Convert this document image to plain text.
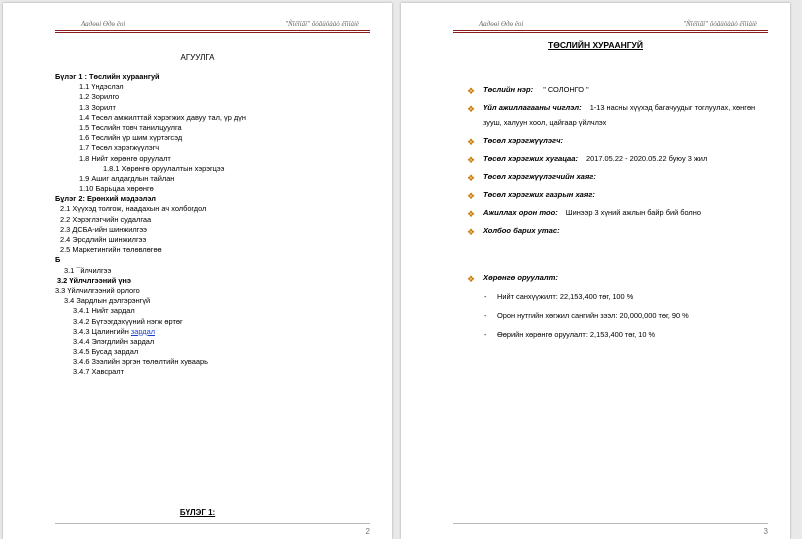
Аадөөі Өдө ёоі	"Ñîëîíãî" õóâüöààò êîìïàíè
АГУУЛГА
Бүлэг 1 : Төслийн хураангуй
1.1 Үндэслэл
1.2 Зорилго
1.3 Зорилт
1.4 Төсөл амжилттай хэрэгжих давуу тал, үр дүн
1.5 Төслийн товч танилцуулга
1.6 Төслийн үр шим хүртэгсэд
1.7 Төсөл хэрэгжүүлэгч
1.8 Нийт хөрөнгө оруулалт
1.8.1 Хөрөнгө оруулалтын хэрэгцээ
1.9 Ашиг алдагдлын тайлан
1.10 Барьцаа хөрөнгө
Бұлэг 2: Ерөнхий мэдээлэл
2.1 Хүүхэд толгож, наадахын ач холбогдол
2.2 Хэрэглэгчийн судалгаа
2.3 ДСБА-ийн шинжилгээ
2.4 Эрсдлийн шинжилгээ
2.5 Маркетингийн төлөвлөгөө
Б
3.1 ¯йлчилгээ
3.2 Үйлчлгээний үнэ
3.3 Үйлчилгээний орлого
3.4 Зардлын дэлгэрэнгүй
3.4.1 Нийт зардал
3.4.2 Бүтээгдэхүүний нэгж өртөг
3.4.3 Цалингийн зардал
3.4.4 Элэгдлийн зардал
3.4.5 Бусад зардал
3.4.6 Зээлийн эргэн төлөлтийн хуваарь
3.4.7 Хавсралт
БҮЛЭГ 1:
2
Аадөөі Өдө ёоі	"Ñîëîíãî" õóâüöààò êîìïàíè
ТӨСЛИЙН ХУРААНГУЙ
❖ Төслийн нэр: " СОЛОНГО "
❖ Үйл ажиллагааны чиглэл: 1-13 насны хүүхэд багачуудыг тоглуулах, хөнгөн
зууш, халуун хоол, цайгаар үйлчлэх
❖ Төсөл хэрэгжүүлэгч:
❖ Төсөл хэрэгжих хугацаа: 2017.05.22 - 2020.05.22 буюу 3 жил
❖ Төсөл хэрэгжүүлэгчийн хаяг:
❖ Төсөл хэрэгжих газрын хаяг:
❖ Ажиллах орон тоо: Шинээр 3 хүний ажлын байр бий болно
❖ Холбоо барих утас:
❖ Хөрөнгө оруулалт:
- Нийт санхүүжилт: 22,153,400 төг, 100 %
- Орон нутгийн хөгжил сангийн зээл: 20,000,000 төг, 90 %
- Өөрийн хөрөнгө оруулалт: 2,153,400 төг, 10 %
3
